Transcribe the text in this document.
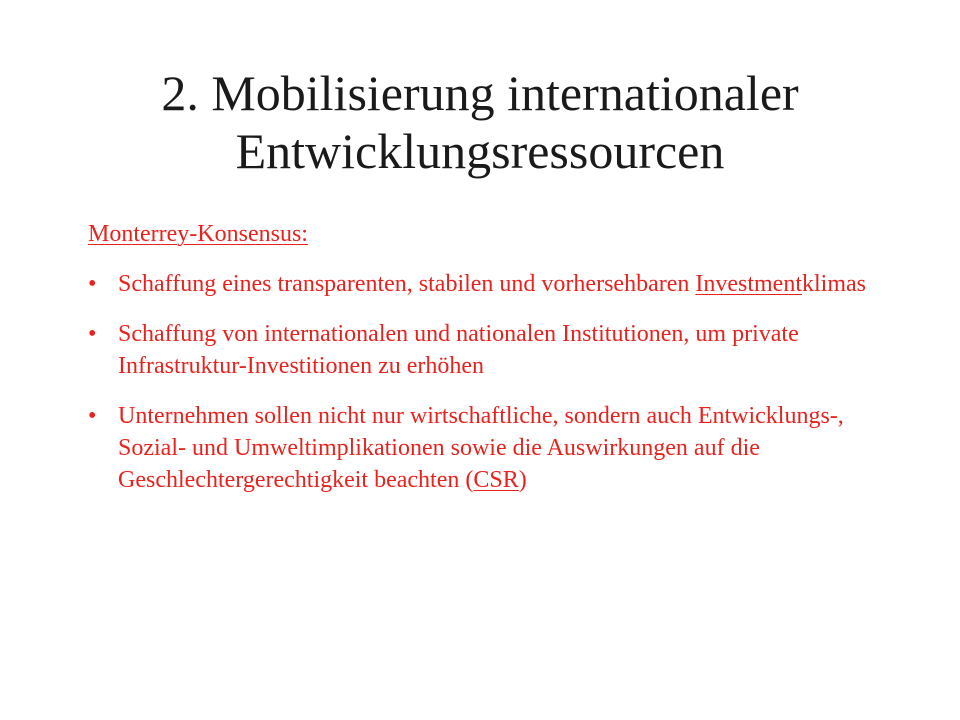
2. Mobilisierung internationaler
Entwicklungsressourcen
Monterrey-Konsensus:
• Schaffung eines transparenten, stabilen und vorhersehbaren Investmentklimas
• Schaffung von internationalen und nationalen Institutionen, um private Infrastruktur-Investitionen zu erhöhen
• Unternehmen sollen nicht nur wirtschaftliche, sondern auch Entwicklungs-, Sozial- und Umweltimplikationen sowie die Auswirkungen auf die Geschlechtergerechtigkeit beachten (CSR)
